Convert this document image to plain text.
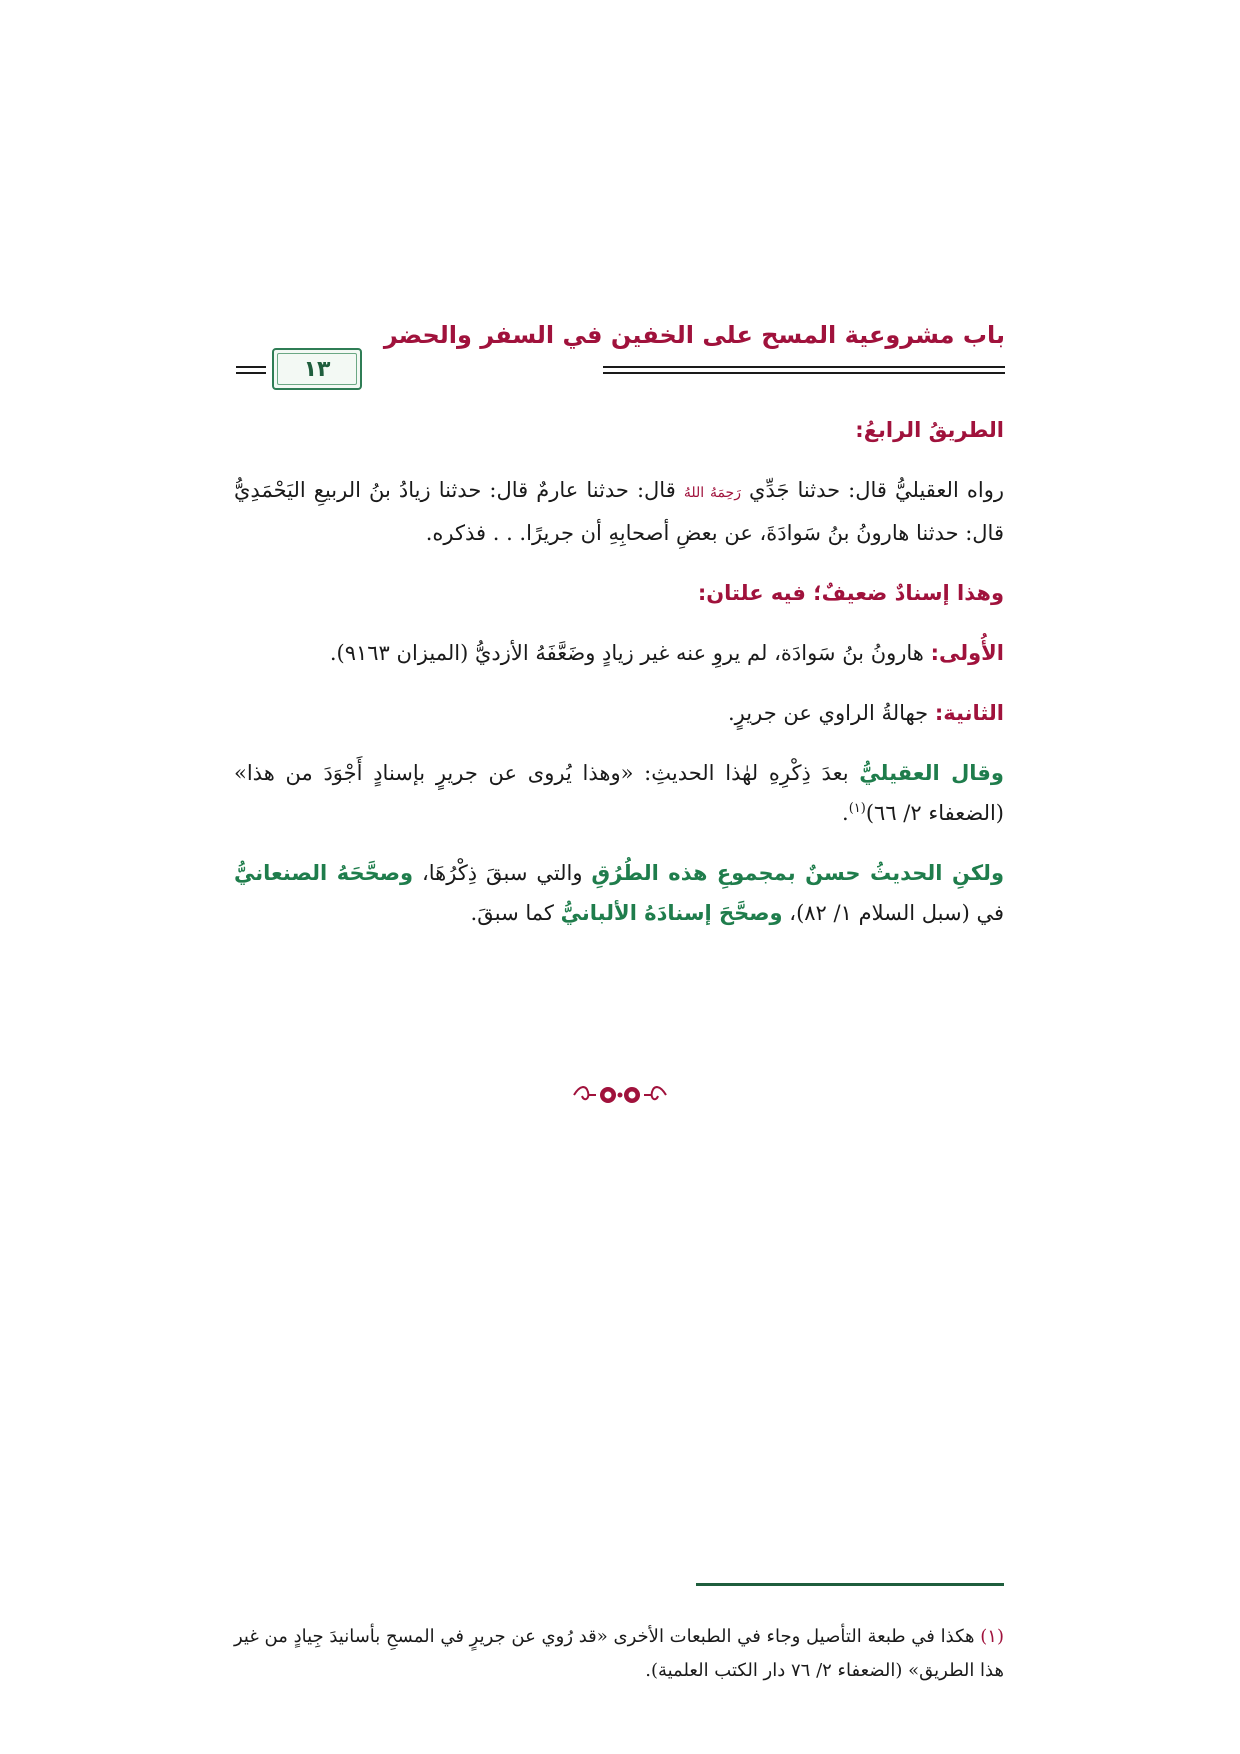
باب مشروعية المسح على الخفين في السفر والحضر
١٣

الطريقُ الرابعُ:

رواه العقيليُّ قال: حدثنا جَدِّي رَحِمَهُ اللهُ قال: حدثنا عارمٌ قال: حدثنا زيادُ بنُ الربيعِ اليَحْمَدِيُّ قال: حدثنا هارونُ بنُ سَوادَةَ، عن بعضِ أصحابِهِ أن جريرًا. . . فذكره.

وهذا إسنادٌ ضعيفٌ؛ فيه علتان:

الأُولى: هارونُ بنُ سَوادَة، لم يروِ عنه غير زيادٍ وضَعَّفَهُ الأزديُّ (الميزان ٩١٦٣).

الثانية: جهالةُ الراوي عن جريرٍ.

وقال العقيليُّ بعدَ ذِكْرِهِ لهٰذا الحديثِ: «وهذا يُروى عن جريرٍ بإسنادٍ أَجْوَدَ من هذا» (الضعفاء ٢/ ٦٦)$^{(١)}$.

ولكنِ الحديثُ حسنٌ بمجموعِ هذه الطُرُقِ والتي سبقَ ذِكْرُهَا، وصحَّحَهُ الصنعانيُّ في (سبل السلام ١/ ٨٢)، وصحَّحَ إسنادَهُ الألبانيُّ كما سبقَ.

(١) هكذا في طبعة التأصيل وجاء في الطبعات الأخرى «قد رُوي عن جريرٍ في المسحِ بأسانيدَ جِيادٍ من غير هذا الطريق» (الضعفاء ٢/ ٧٦ دار الكتب العلمية).
